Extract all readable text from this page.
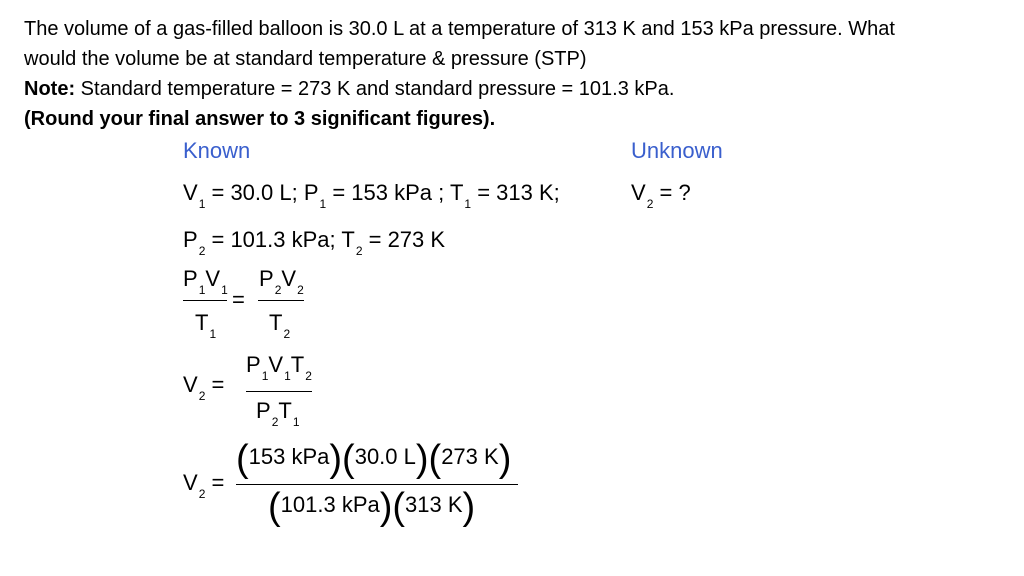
The volume of a gas-filled balloon is 30.0 L at a temperature of 313 K and 153 kPa pressure. What

would the volume be at standard temperature & pressure (STP)

Note: Standard temperature = 273 K and standard pressure = 101.3 kPa.

(Round your final answer to 3 significant figures).

Known	Unknown
$V_1 = 30.0$ L; $P_1 = 153$ kPa ; $T_1 = 313$ K;	$V_2$ = ?
$P_2 = 101.3$ kPa; $T_2 = 273$ K
$P_1V_1$
$T_1$
=
$P_2V_2$
$T_2$
$V_2$ =
$P_1V_1T_2$
$P_2T_1$
$V_2$ =
(153 kPa)(30.0 L)(273 K)
(101.3 kPa)(313 K)
